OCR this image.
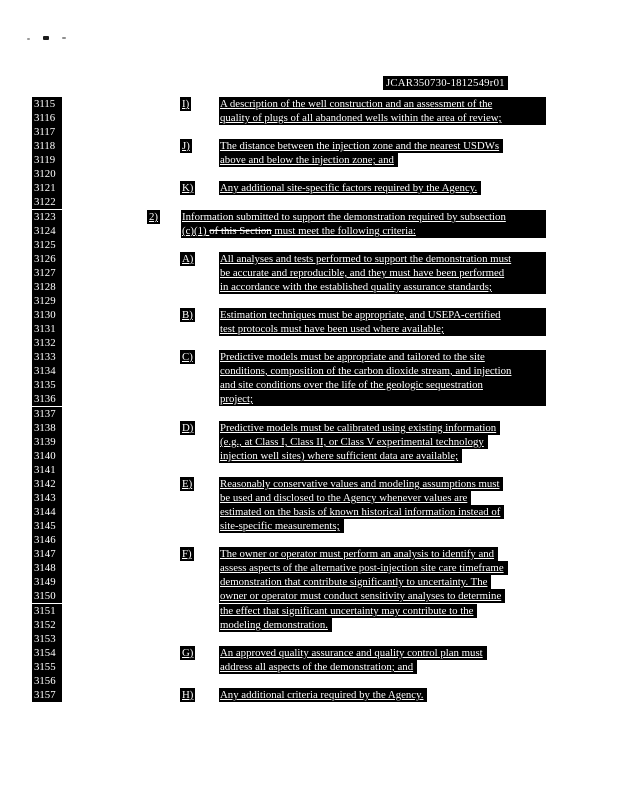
JCAR350730-1812549r01
3115	I)	A description of the well construction and an assessment of the
3116	quality of plugs of all abandoned wells within the area of review;
3117
3118	J)	The distance between the injection zone and the nearest USDWs
3119	above and below the injection zone; and
3120
3121	K) Any additional site-specific factors required by the Agency.
3122
3123	2) Information submitted to support the demonstration required by subsection
3124	(c)(1) of this Section must meet the following criteria:
3125
3126	A) All analyses and tests performed to support the demonstration must
3127	be accurate and reproducible, and they must have been performed
3128	in accordance with the established quality assurance standards;
3129
3130	B)	Estimation techniques must be appropriate, and USEPA-certified
3131	test protocols must have been used where available;
3132
3133	C)	Predictive models must be appropriate and tailored to the site
3134	conditions, composition of the carbon dioxide stream, and injection
3135	and site conditions over the life of the geologic sequestration
3136	project;
3137
3138	D) Predictive models must be calibrated using existing information
3139	(e.g., at Class I, Class II, or Class V experimental technology
3140	injection well sites) where sufficient data are available;
3141
3142	E)	Reasonably conservative values and modeling assumptions must
3143	be used and disclosed to the Agency whenever values are
3144	estimated on the basis of known historical information instead of
3145	site-specific measurements;
3146
3147	F)	The owner or operator must perform an analysis to identify and
3148	assess aspects of the alternative post-injection site care timeframe
3149	demonstration that contribute significantly to uncertainty. The
3150	owner or operator must conduct sensitivity analyses to determine
3151	the effect that significant uncertainty may contribute to the
3152	modeling demonstration.
3153
3154	G) An approved quality assurance and quality control plan must
3155	address all aspects of the demonstration; and
3156
3157	H) Any additional criteria required by the Agency.
